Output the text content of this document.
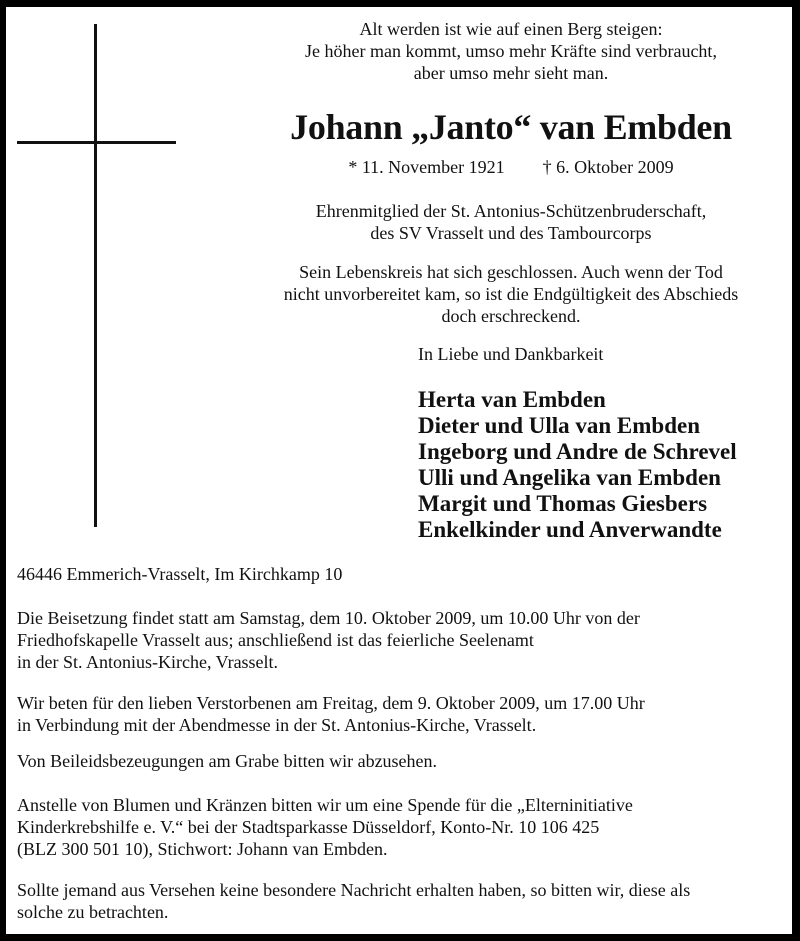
Alt werden ist wie auf einen Berg steigen:
Je höher man kommt, umso mehr Kräfte sind verbraucht,
aber umso mehr sieht man.
Johann „Janto“ van Embden
* 11. November 1921 † 6. Oktober 2009
Ehrenmitglied der St. Antonius-Schützenbruderschaft,
des SV Vrasselt und des Tambourcorps
Sein Lebenskreis hat sich geschlossen. Auch wenn der Tod
nicht unvorbereitet kam, so ist die Endgültigkeit des Abschieds
doch erschreckend.
In Liebe und Dankbarkeit
Herta van Embden
Dieter und Ulla van Embden
Ingeborg und Andre de Schrevel
Ulli und Angelika van Embden
Margit und Thomas Giesbers
Enkelkinder und Anverwandte
46446 Emmerich-Vrasselt, Im Kirchkamp 10
Die Beisetzung findet statt am Samstag, dem 10. Oktober 2009, um 10.00 Uhr von der
Friedhofskapelle Vrasselt aus; anschließend ist das feierliche Seelenamt
in der St. Antonius-Kirche, Vrasselt.
Wir beten für den lieben Verstorbenen am Freitag, dem 9. Oktober 2009, um 17.00 Uhr
in Verbindung mit der Abendmesse in der St. Antonius-Kirche, Vrasselt.
Von Beileidsbezeugungen am Grabe bitten wir abzusehen.
Anstelle von Blumen und Kränzen bitten wir um eine Spende für die „Elterninitiative
Kinderkrebshilfe e. V.“ bei der Stadtsparkasse Düsseldorf, Konto-Nr. 10 106 425
(BLZ 300 501 10), Stichwort: Johann van Embden.
Sollte jemand aus Versehen keine besondere Nachricht erhalten haben, so bitten wir, diese als
solche zu betrachten.
